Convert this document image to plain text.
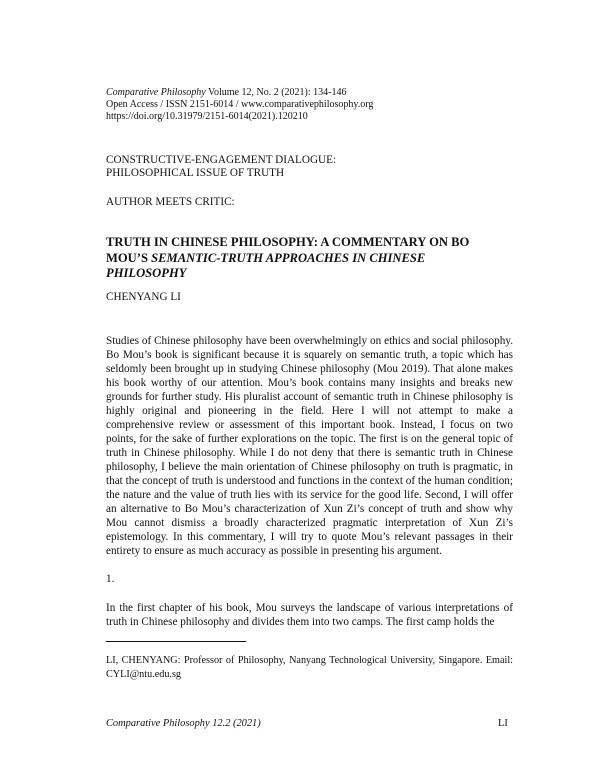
Comparative Philosophy Volume 12, No. 2 (2021): 134-146
Open Access / ISSN 2151-6014 / www.comparativephilosophy.org
https://doi.org/10.31979/2151-6014(2021).120210
CONSTRUCTIVE-ENGAGEMENT DIALOGUE:
PHILOSOPHICAL ISSUE OF TRUTH
AUTHOR MEETS CRITIC:
TRUTH IN CHINESE PHILOSOPHY: A COMMENTARY ON BO MOU’S SEMANTIC-TRUTH APPROACHES IN CHINESE PHILOSOPHY
CHENYANG LI

Studies of Chinese philosophy have been overwhelmingly on ethics and social philosophy. Bo Mou’s book is significant because it is squarely on semantic truth, a topic which has seldomly been brought up in studying Chinese philosophy (Mou 2019). That alone makes his book worthy of our attention. Mou’s book contains many insights and breaks new grounds for further study. His pluralist account of semantic truth in Chinese philosophy is highly original and pioneering in the field. Here I will not attempt to make a comprehensive review or assessment of this important book. Instead, I focus on two points, for the sake of further explorations on the topic. The first is on the general topic of truth in Chinese philosophy. While I do not deny that there is semantic truth in Chinese philosophy, I believe the main orientation of Chinese philosophy on truth is pragmatic, in that the concept of truth is understood and functions in the context of the human condition; the nature and the value of truth lies with its service for the good life. Second, I will offer an alternative to Bo Mou’s characterization of Xun Zi’s concept of truth and show why Mou cannot dismiss a broadly characterized pragmatic interpretation of Xun Zi’s epistemology. In this commentary, I will try to quote Mou’s relevant passages in their entirety to ensure as much accuracy as possible in presenting his argument.

1.

In the first chapter of his book, Mou surveys the landscape of various interpretations of truth in Chinese philosophy and divides them into two camps. The first camp holds the

LI, CHENYANG: Professor of Philosophy, Nanyang Technological University, Singapore. Email: CYLI@ntu.edu.sg
Comparative Philosophy 12.2 (2021)	LI
